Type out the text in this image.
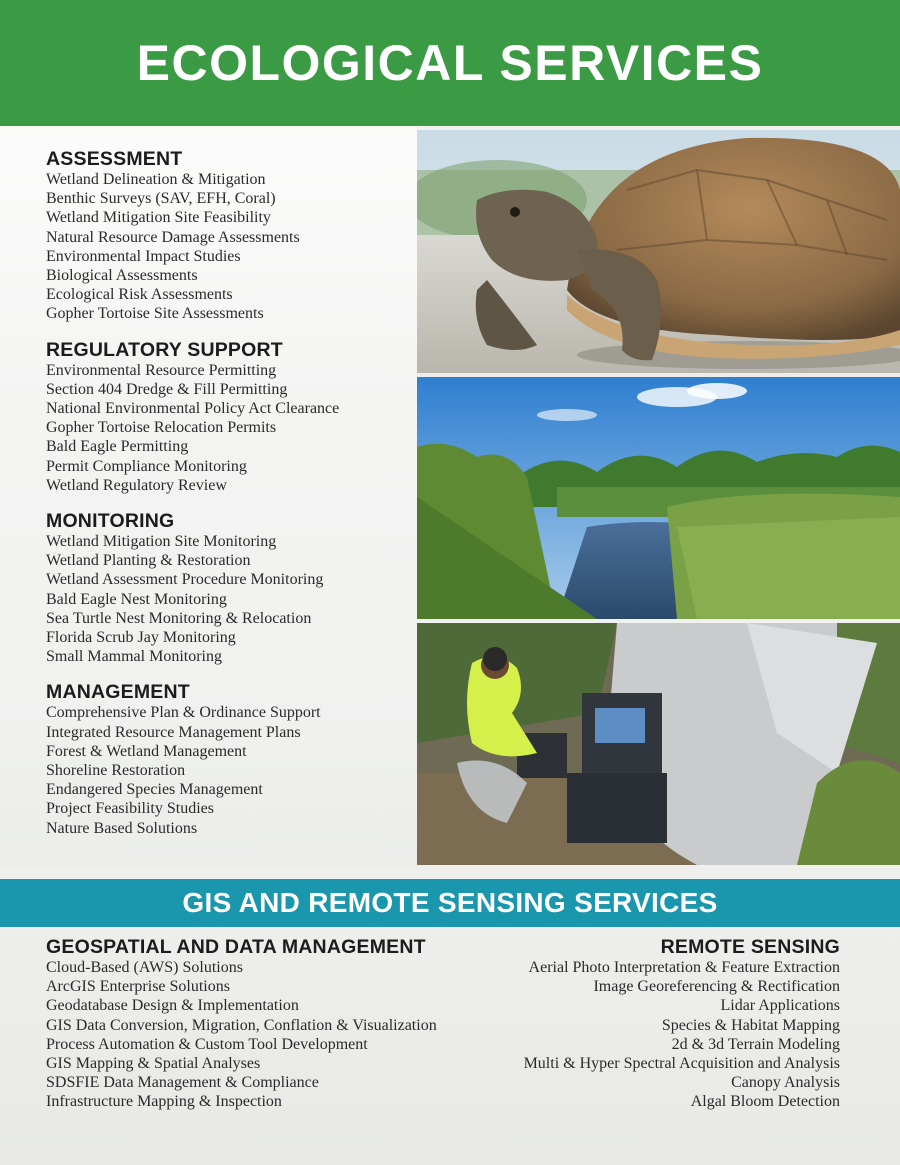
ECOLOGICAL SERVICES
ASSESSMENT
Wetland Delineation & Mitigation
Benthic Surveys (SAV, EFH, Coral)
Wetland Mitigation Site Feasibility
Natural Resource Damage Assessments
Environmental Impact Studies
Biological Assessments
Ecological Risk Assessments
Gopher Tortoise Site Assessments
REGULATORY SUPPORT
Environmental Resource Permitting
Section 404 Dredge & Fill Permitting
National Environmental Policy Act Clearance
Gopher Tortoise Relocation Permits
Bald Eagle Permitting
Permit Compliance Monitoring
Wetland Regulatory Review
MONITORING
Wetland Mitigation Site Monitoring
Wetland Planting & Restoration
Wetland Assessment Procedure Monitoring
Bald Eagle Nest Monitoring
Sea Turtle Nest Monitoring & Relocation
Florida Scrub Jay Monitoring
Small Mammal Monitoring
MANAGEMENT
Comprehensive Plan & Ordinance Support
Integrated Resource Management Plans
Forest & Wetland Management
Shoreline Restoration
Endangered Species Management
Project Feasibility Studies
Nature Based Solutions
GIS AND REMOTE SENSING SERVICES
GEOSPATIAL AND DATA MANAGEMENT
Cloud-Based (AWS) Solutions
ArcGIS Enterprise Solutions
Geodatabase Design & Implementation
GIS Data Conversion, Migration, Conflation & Visualization
Process Automation & Custom Tool Development
GIS Mapping & Spatial Analyses
SDSFIE Data Management & Compliance
Infrastructure Mapping & Inspection
REMOTE SENSING
Aerial Photo Interpretation & Feature Extraction
Image Georeferencing & Rectification
Lidar Applications
Species & Habitat Mapping
2d & 3d Terrain Modeling
Multi & Hyper Spectral Acquisition and Analysis
Canopy Analysis
Algal Bloom Detection
